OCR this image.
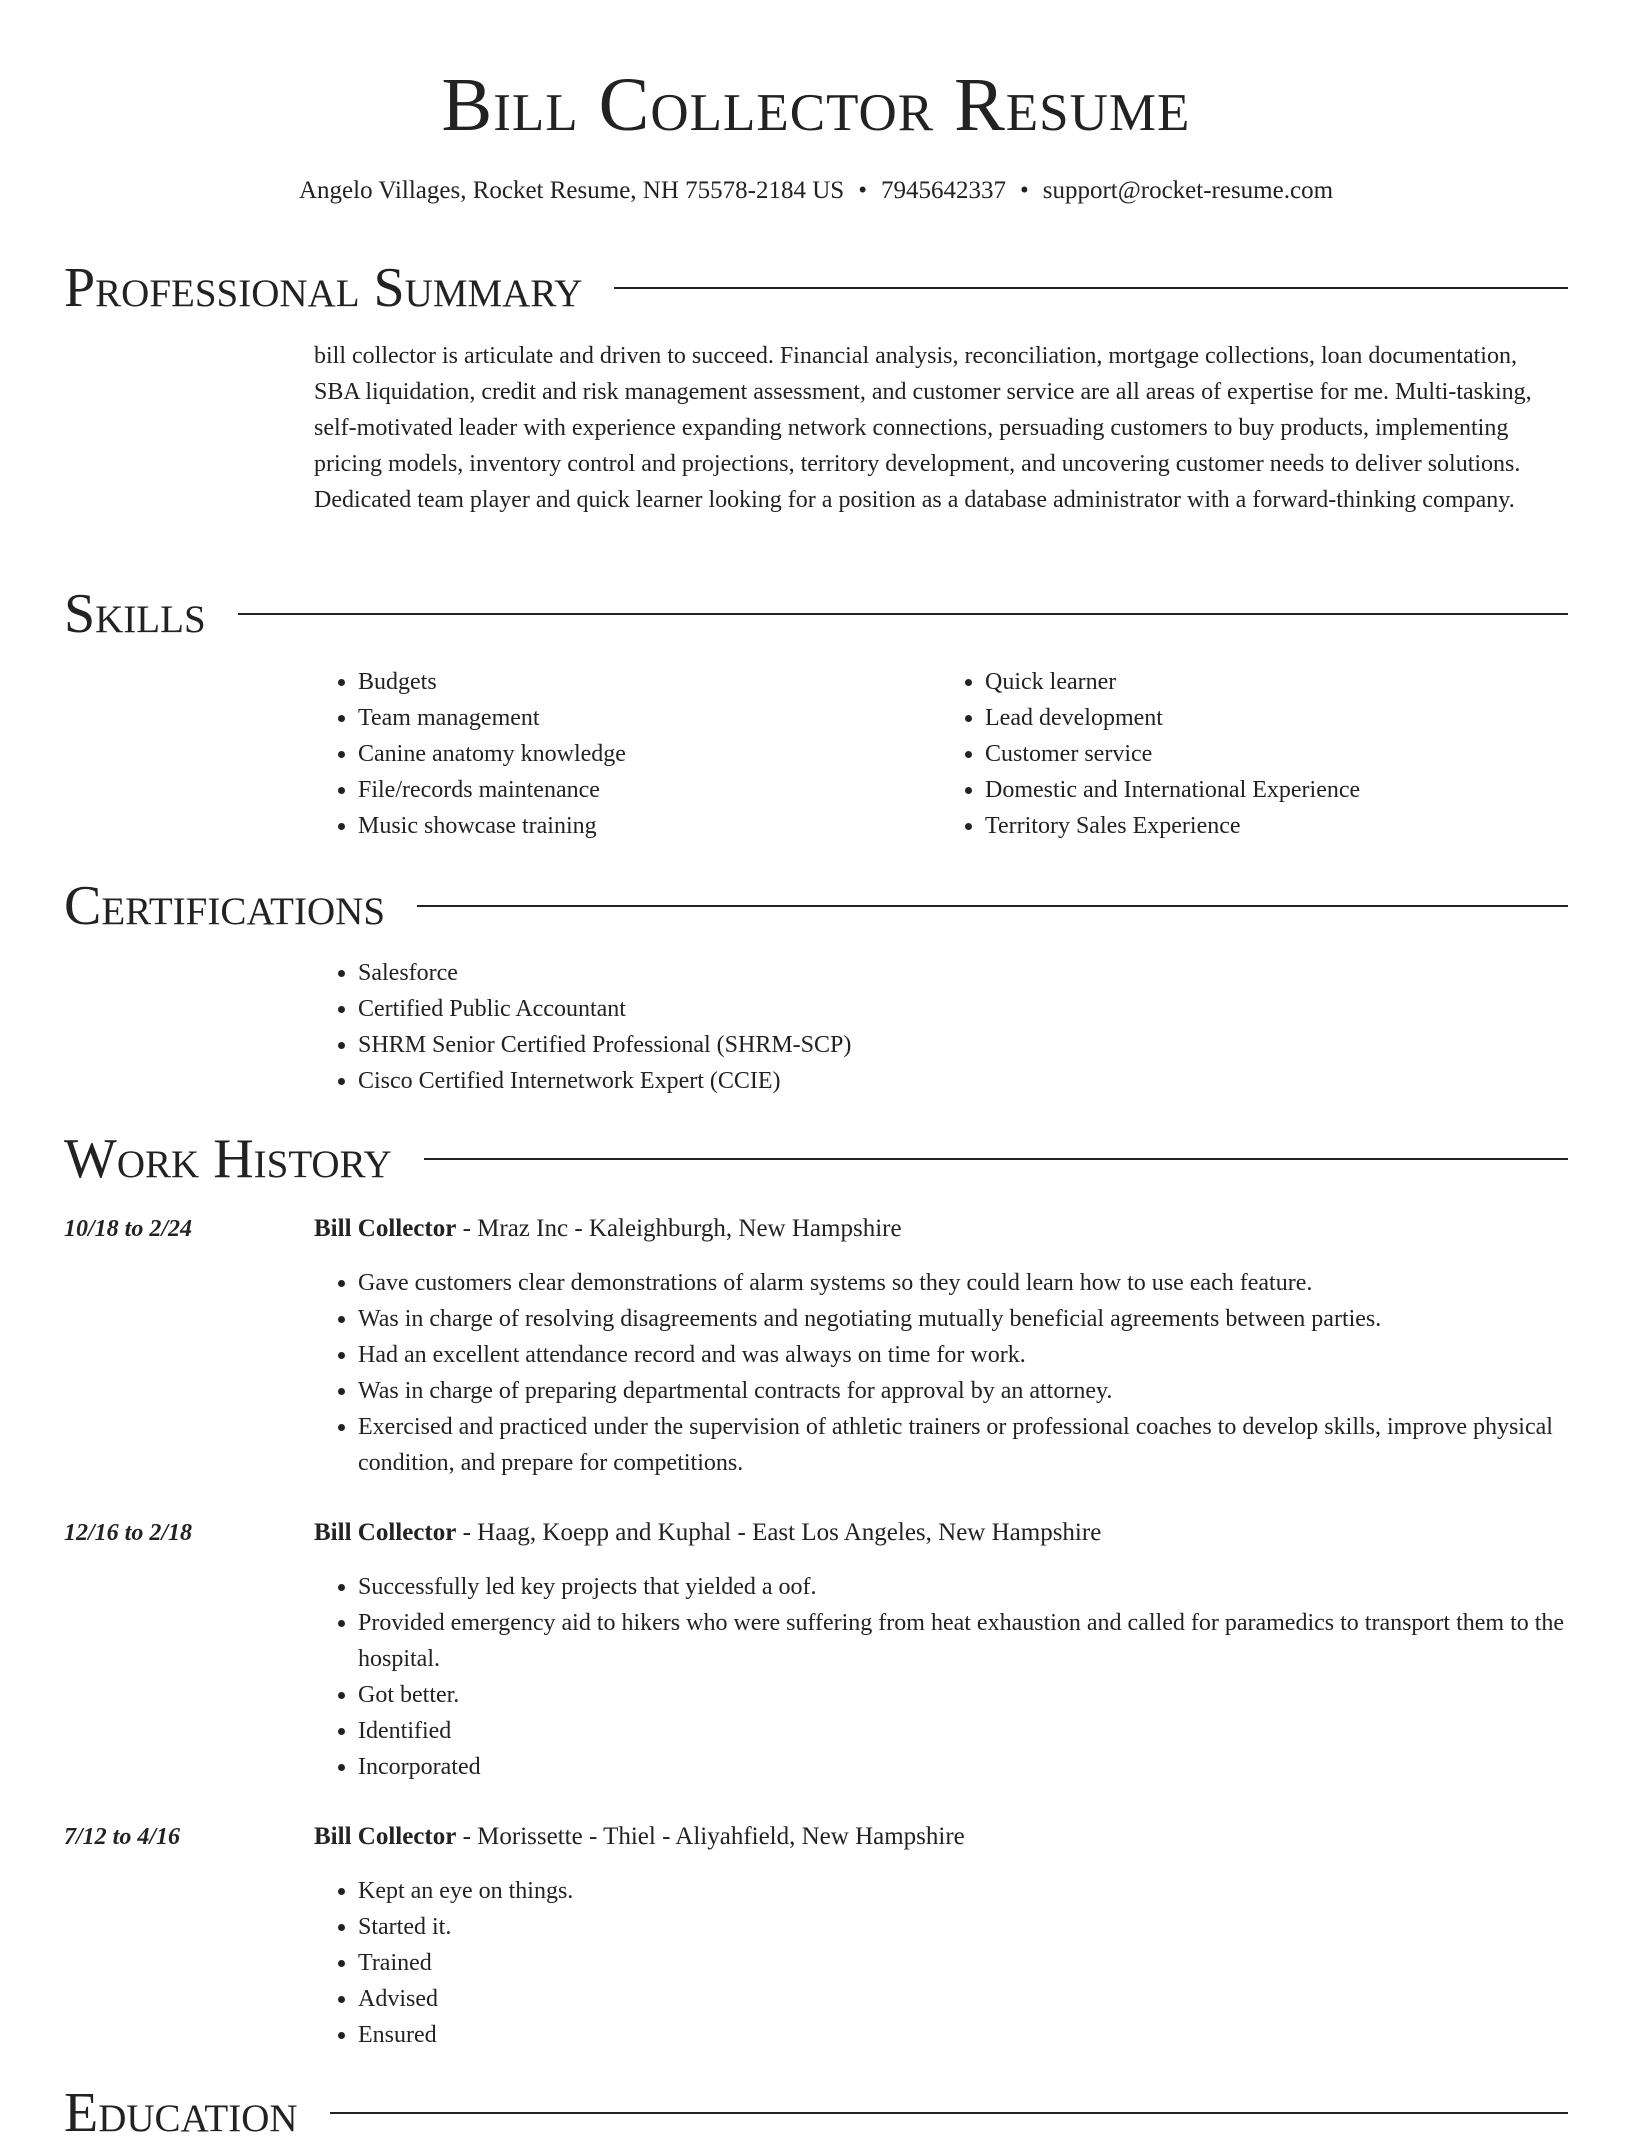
Bill Collector Resume
Angelo Villages, Rocket Resume, NH 75578-2184 US • 7945642337 • support@rocket-resume.com
Professional Summary

bill collector is articulate and driven to succeed. Financial analysis, reconciliation, mortgage collections, loan documentation, SBA liquidation, credit and risk management assessment, and customer service are all areas of expertise for me. Multi-tasking, self-motivated leader with experience expanding network connections, persuading customers to buy products, implementing pricing models, inventory control and projections, territory development, and uncovering customer needs to deliver solutions. Dedicated team player and quick learner looking for a position as a database administrator with a forward-thinking company.

Skills
• Budgets
• Team management
• Canine anatomy knowledge
• File/records maintenance
• Music showcase training
• Quick learner
• Lead development
• Customer service
• Domestic and International Experience
• Territory Sales Experience
Certifications
• Salesforce
• Certified Public Accountant
• SHRM Senior Certified Professional (SHRM-SCP)
• Cisco Certified Internetwork Expert (CCIE)
Work History
10/18 to 2/24	Bill Collector - Mraz Inc - Kaleighburgh, New Hampshire
• Gave customers clear demonstrations of alarm systems so they could learn how to use each feature.
• Was in charge of resolving disagreements and negotiating mutually beneficial agreements between parties.
• Had an excellent attendance record and was always on time for work.
• Was in charge of preparing departmental contracts for approval by an attorney.
• Exercised and practiced under the supervision of athletic trainers or professional coaches to develop skills, improve physical condition, and prepare for competitions.
12/16 to 2/18	Bill Collector - Haag, Koepp and Kuphal - East Los Angeles, New Hampshire
• Successfully led key projects that yielded a oof.
• Provided emergency aid to hikers who were suffering from heat exhaustion and called for paramedics to transport them to the hospital.
• Got better.
• Identified
• Incorporated
7/12 to 4/16	Bill Collector - Morissette - Thiel - Aliyahfield, New Hampshire
• Kept an eye on things.
• Started it.
• Trained
• Advised
• Ensured
Education
